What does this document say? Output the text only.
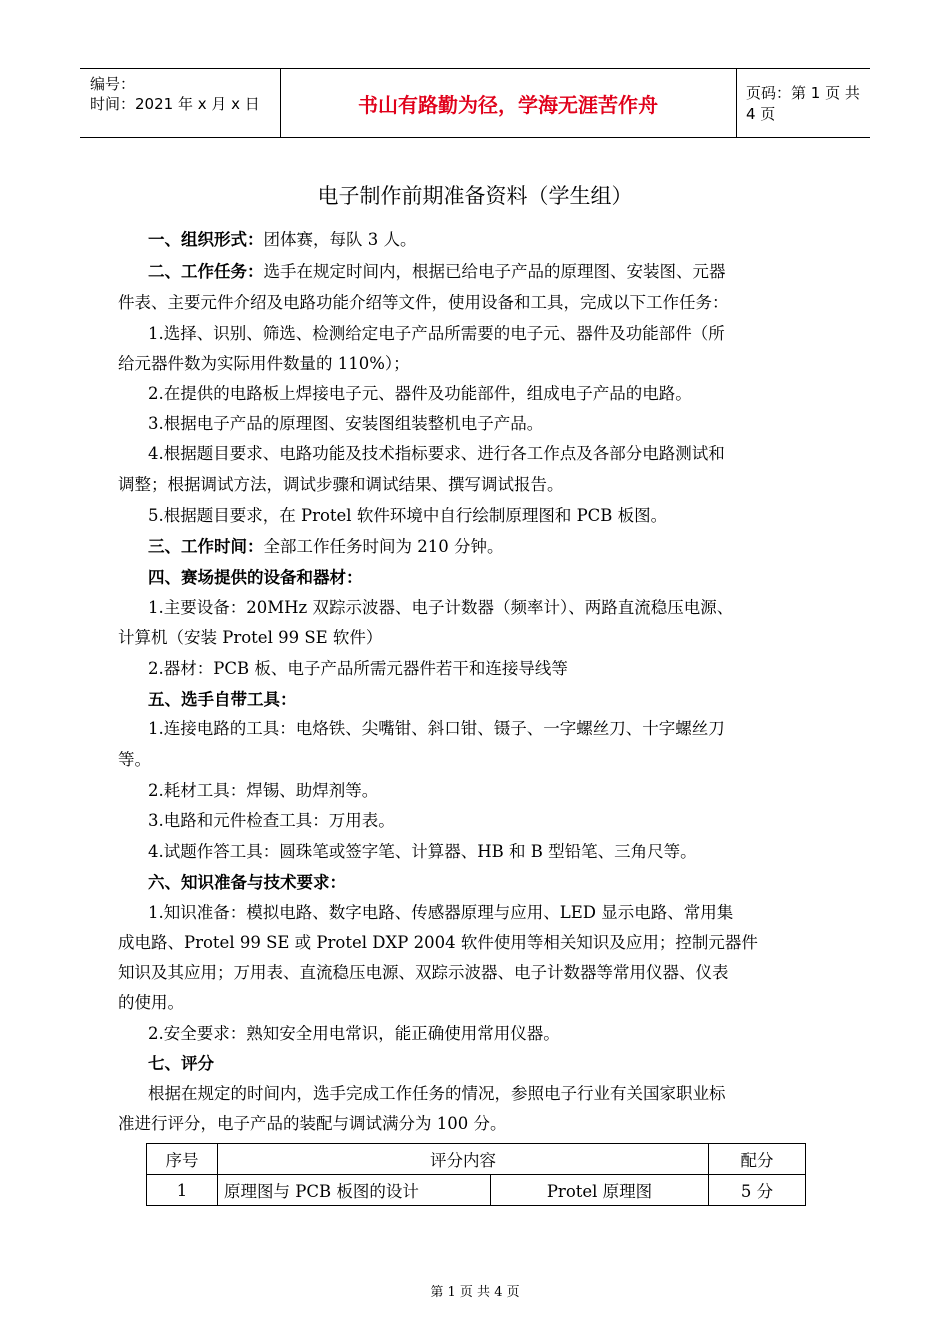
编号：
时间：2021 年 x 月 x 日	书山有路勤为径，学海无涯苦作舟	页码：第 1 页 共 4 页
电子制作前期准备资料（学生组）
一、组织形式：团体赛，每队 3 人。
二、工作任务：选手在规定时间内，根据已给电子产品的原理图、安装图、元器
件表、主要元件介绍及电路功能介绍等文件，使用设备和工具，完成以下工作任务：
1.选择、识别、筛选、检测给定电子产品所需要的电子元、器件及功能部件（所
给元器件数为实际用件数量的 110%）；
2.在提供的电路板上焊接电子元、器件及功能部件，组成电子产品的电路。
3.根据电子产品的原理图、安装图组装整机电子产品。
4.根据题目要求、电路功能及技术指标要求、进行各工作点及各部分电路测试和
调整；根据调试方法，调试步骤和调试结果、撰写调试报告。
5.根据题目要求，在 Protel 软件环境中自行绘制原理图和 PCB 板图。
三、工作时间：全部工作任务时间为 210 分钟。
四、赛场提供的设备和器材：
1.主要设备：20MHz 双踪示波器、电子计数器（频率计）、两路直流稳压电源、
计算机（安装 Protel 99 SE 软件）
2.器材：PCB 板、电子产品所需元器件若干和连接导线等
五、选手自带工具：
1.连接电路的工具：电烙铁、尖嘴钳、斜口钳、镊子、一字螺丝刀、十字螺丝刀
等。
2.耗材工具：焊锡、助焊剂等。
3.电路和元件检查工具：万用表。
4.试题作答工具：圆珠笔或签字笔、计算器、HB 和 B 型铅笔、三角尺等。
六、知识准备与技术要求：
1.知识准备：模拟电路、数字电路、传感器原理与应用、LED 显示电路、常用集
成电路、Protel 99 SE 或 Protel DXP 2004 软件使用等相关知识及应用；控制元器件
知识及其应用；万用表、直流稳压电源、双踪示波器、电子计数器等常用仪器、仪表
的使用。
2.安全要求：熟知安全用电常识，能正确使用常用仪器。
七、评分
根据在规定的时间内，选手完成工作任务的情况，参照电子行业有关国家职业标
准进行评分，电子产品的装配与调试满分为 100 分。
序号	评分内容		配分
1	原理图与 PCB 板图的设计	Protel 原理图	5 分
第 1 页 共 4 页
